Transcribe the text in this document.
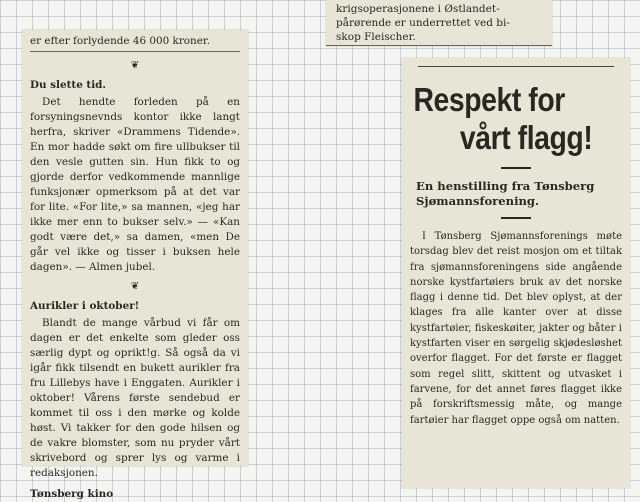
krigsoperasjonene i Østlandet-

pårørende er underrettet ved bi-

skop Fleischer.

er efter forlydende 46 000 kroner.

❦

Du slette tid.

Det hendte forleden på en forsyningsnevnds kontor ikke langt herfra, skriver «Drammens Tidende». En mor hadde søkt om fire ullbukser til den vesle gutten sin. Hun fikk to og gjorde derfor vedkommende mannlige funksjonær opmerksom på at det var for lite. «For lite,» sa mannen, «jeg har ikke mer enn to bukser selv.» — «Kan godt være det,» sa damen, «men De går vel ikke og tisser i buksen hele dagen». — Almen jubel.

❦

Aurikler i oktober!

Blandt de mange vårbud vi får om dagen er det enkelte som gleder oss særlig dypt og oprikt!g. Så også da vi igår fikk tilsendt en bukett aurikler fra fru Lillebys have i Enggaten. Aurikler i oktober! Vårens første sendebud er kommet til oss i den mørke og kolde høst. Vi takker for den gode hilsen og de vakre blomster, som nu pryder vårt skrivebord og sprer lys og varme i redaksjonen.

Tønsberg kino

Respekt for
vårt flagg!
En henstilling fra Tønsberg Sjømannsforening.

I Tønsberg Sjømannsforenings møte torsdag blev det reist mosjon om et tiltak fra sjømannsforeningens side angående norske kystfartøiers bruk av det norske flagg i denne tid. Det blev oplyst, at der klages fra alle kanter over at disse kystfartøier, fiskeskøiter, jakter og båter i kystfarten viser en sørgelig skjødesløshet overfor flagget. For det første er flagget som regel slitt, skittent og utvasket i farvene, for det annet føres flagget ikke på forskriftsmessig måte, og mange fartøier har flagget oppe også om natten.
